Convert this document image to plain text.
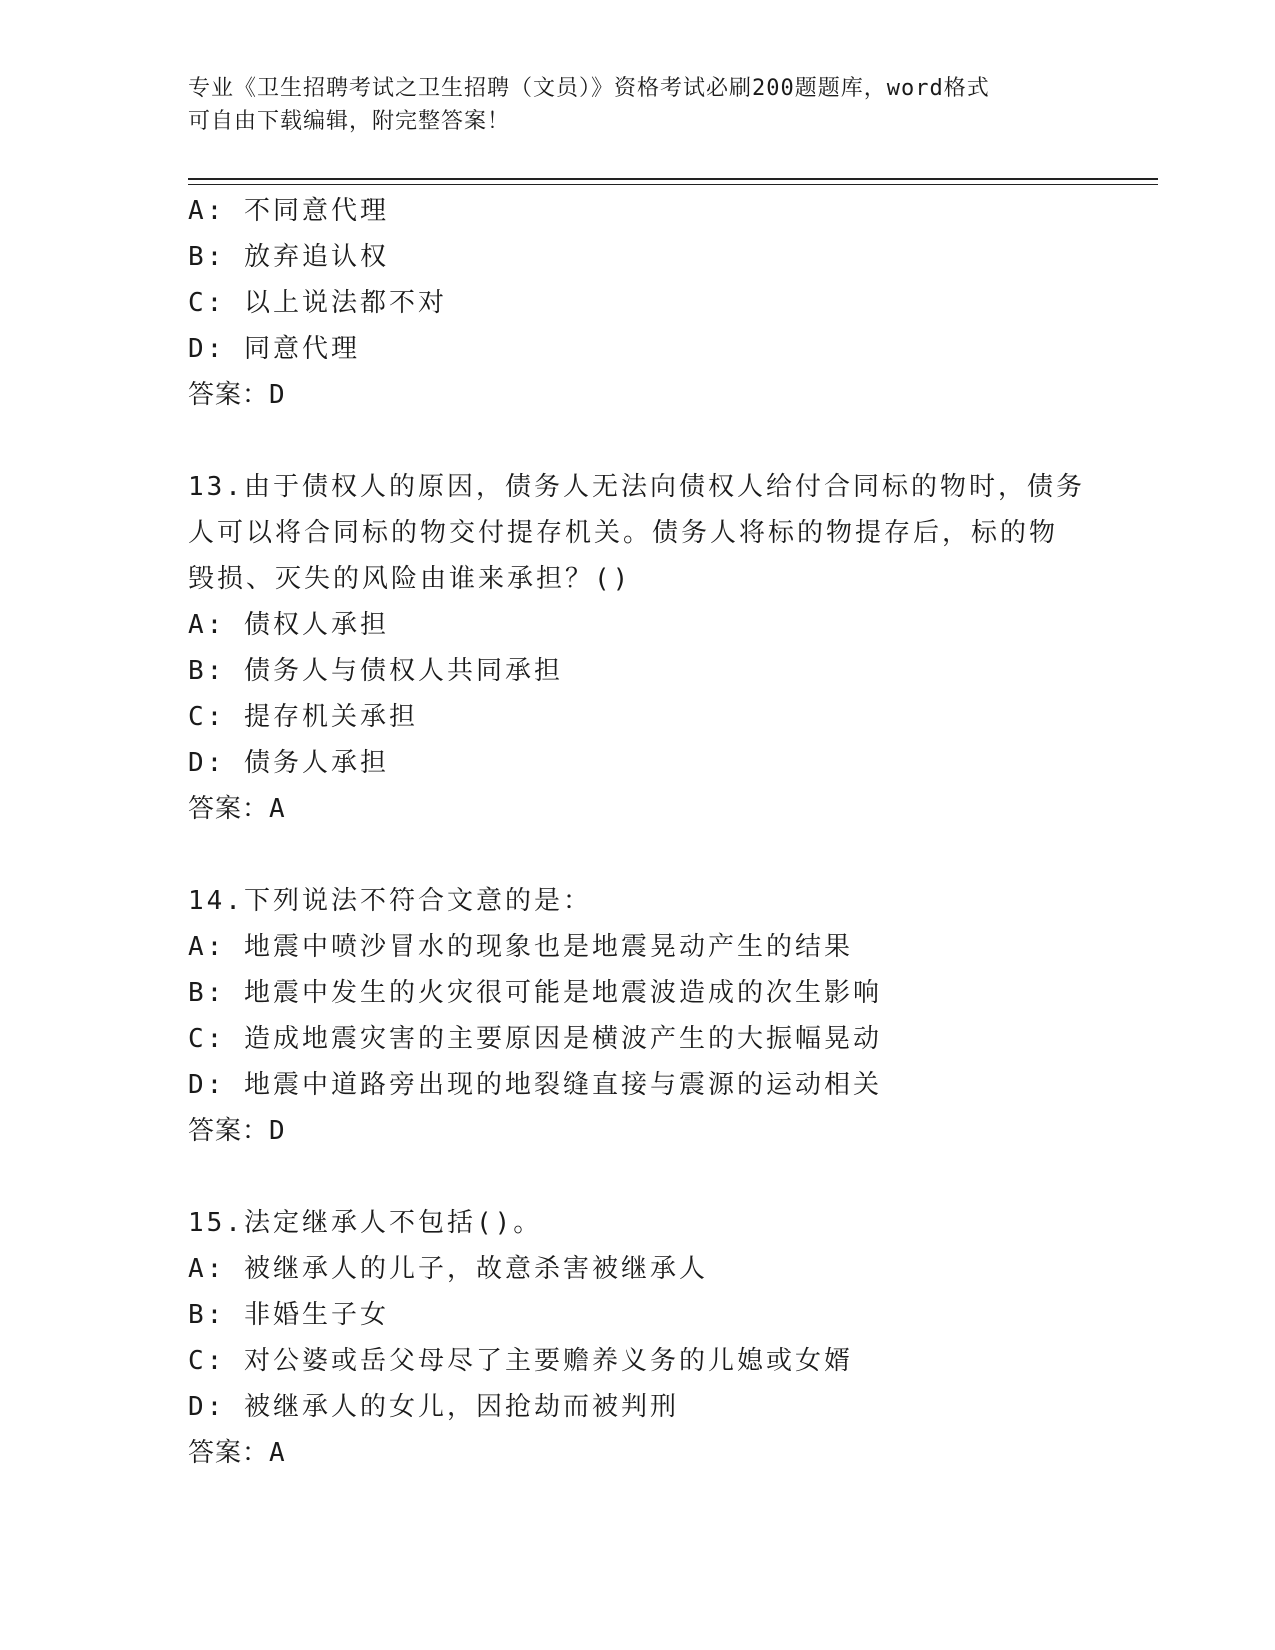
专业《卫生招聘考试之卫生招聘（文员）》资格考试必刷200题题库，word格式
可自由下载编辑，附完整答案！
A: 不同意代理
B: 放弃追认权
C: 以上说法都不对
D: 同意代理
答案：D
13.由于债权人的原因，债务人无法向债权人给付合同标的物时，债务
人可以将合同标的物交付提存机关。债务人将标的物提存后，标的物
毁损、灭失的风险由谁来承担？()
A: 债权人承担
B: 债务人与债权人共同承担
C: 提存机关承担
D: 债务人承担
答案：A
14.下列说法不符合文意的是：
A: 地震中喷沙冒水的现象也是地震晃动产生的结果
B: 地震中发生的火灾很可能是地震波造成的次生影响
C: 造成地震灾害的主要原因是横波产生的大振幅晃动
D: 地震中道路旁出现的地裂缝直接与震源的运动相关
答案：D
15.法定继承人不包括()。
A: 被继承人的儿子，故意杀害被继承人
B: 非婚生子女
C: 对公婆或岳父母尽了主要赡养义务的儿媳或女婿
D: 被继承人的女儿，因抢劫而被判刑
答案：A
